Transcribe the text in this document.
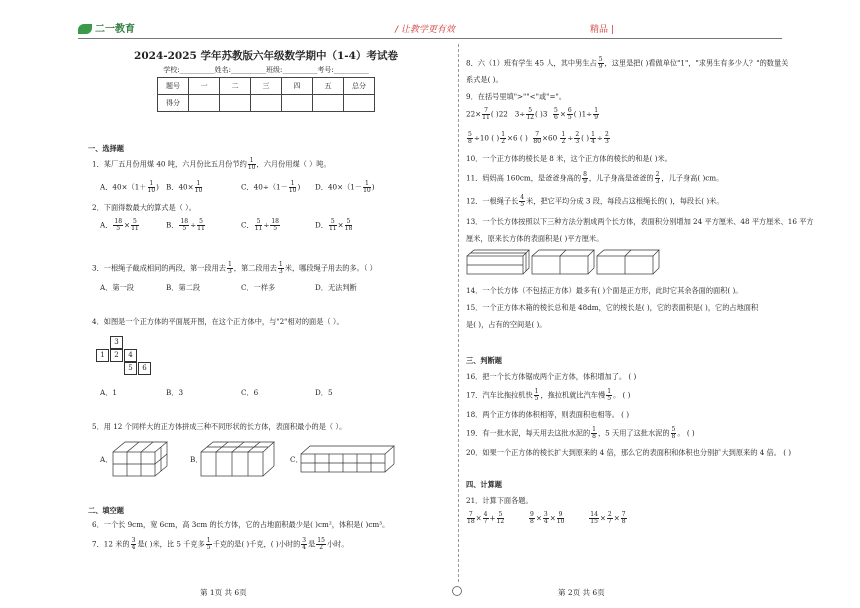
二一教育	/ 让教学更有效	精品 |
2024-2025 学年苏教版六年级数学期中（1-4）考试卷
学校:__________姓名:__________班级:__________考号:__________
题号	一	二	三	四	五	总分
得分						
一、选择题
1．某厂五月份用煤 40 吨，六月份比五月份节约 $\frac{1}{10}$ ，六月份用煤（ ）吨。
A．$40\times(1+ \frac{1}{10}$ ) B．$40\times \frac{1}{10}$	C．$40\div(1- \frac{1}{10}$ ) D．$40\times(1- \frac{1}{10}$ )
2．下面得数最大的算式是（ ）。
A． $\frac{18}{5} \times \frac{5}{11}$	B． $\frac{18}{5} \div \frac{5}{11}$	C． $\frac{5}{11} \div \frac{18}{5}$	D． $\frac{5}{11} \times \frac{5}{18}$
3．一根绳子截成相同的两段，第一段用去 $\frac{1}{3}$ ，第二段用去 $\frac{1}{3}$ 米，哪段绳子用去的多。（ ）
A．第一段	B．第二段	C．一样多	D．无法判断
4．如图是一个正方体的平面展开图，在这个正方体中，与"2"相对的面是（ ）。
3
1	2	4
5	6
A．1	B．3	C．6	D．5
5．用 12 个同样大的正方体拼成三种不同形状的长方体，表面积最小的是（ ）。
A．	B．	C．
二、填空题
6．一个长 9cm，宽 6cm，高 3cm 的长方体，它的占地面积最少是( )cm²，体积是( )cm³。
7．12 米的 $\frac{3}{4}$ 是( )米，比 5 千克多 $\frac{1}{5}$ 千克的是( )千克，( )小时的 $\frac{3}{4}$ 是 $\frac{15}{2}$ 小时。
8．六（1）班有学生 45 人，其中男生占 $\frac{5}{9}$ ，这里是把( )看做单位"1"，"求男生有多少人？"的数量关
系式是( )。
9．在括号里填">""<"或"="。
$22\times \frac{7}{11}$ ( )22 $3\div \frac{5}{12}$ ( )$3 \frac{5}{6} \times \frac{6}{5}$ ( )$1\div \frac{1}{9}$
$\frac{5}{8} \div 10$ ( ) $\frac{1}{2} \times 6$ ( ) $\frac{7}{80} \times 60 \frac{1}{2} \div \frac{2}{3}$ ( ) $\frac{1}{4} \div \frac{2}{3}$
10．一个正方体的棱长是 8 米，这个正方体的棱长的和是( )米。
11．妈妈高 160cm，是爸爸身高的 $\frac{8}{9}$ ，儿子身高是爸爸的 $\frac{2}{3}$ ，儿子身高( )cm。
12．一根绳子长 $\frac{4}{5}$ 米，把它平均分成 3 段，每段占这根绳长的( )，每段长( )米。
13．一个长方体按照以下三种方法分割成两个长方体，表面积分别增加 24 平方厘米、48 平方厘米、16 平方
厘米，原来长方体的表面积是( )平方厘米。
14．一个长方体（不包括正方体）最多有( )个面是正方形，此时它其余各面的面积( )。
15．一个正方体木箱的棱长总和是 48dm，它的棱长是( )，它的表面积是( )，它的占地面积
是( )，占有的空间是( )。
三、判断题
16．把一个长方体锯成两个正方体，体积增加了。 ( )
17．汽车比拖拉机快 $\frac{1}{5}$ ，拖拉机就比汽车慢 $\frac{1}{5}$ 。 ( )
18．两个正方体的体积相等，则表面积也相等。 ( )
19．有一批水泥，每天用去这批水泥的 $\frac{1}{8}$ ，5 天用了这批水泥的 $\frac{5}{8}$ 。 ( )
20．如果一个正方体的棱长扩大到原来的 4 倍，那么它的表面积和体积也分别扩大到原来的 4 倍。 ( )
四、计算题
21．计算下面各题。
$\frac{7}{18} \times \frac{4}{7} + \frac{5}{12}$
	$\frac{9}{8} \times \frac{3}{4} \times \frac{9}{10}$
	$\frac{14}{15} \times \frac{2}{7} \times \frac{7}{8}$
第 1页 共 6页	第 2页 共 6页
